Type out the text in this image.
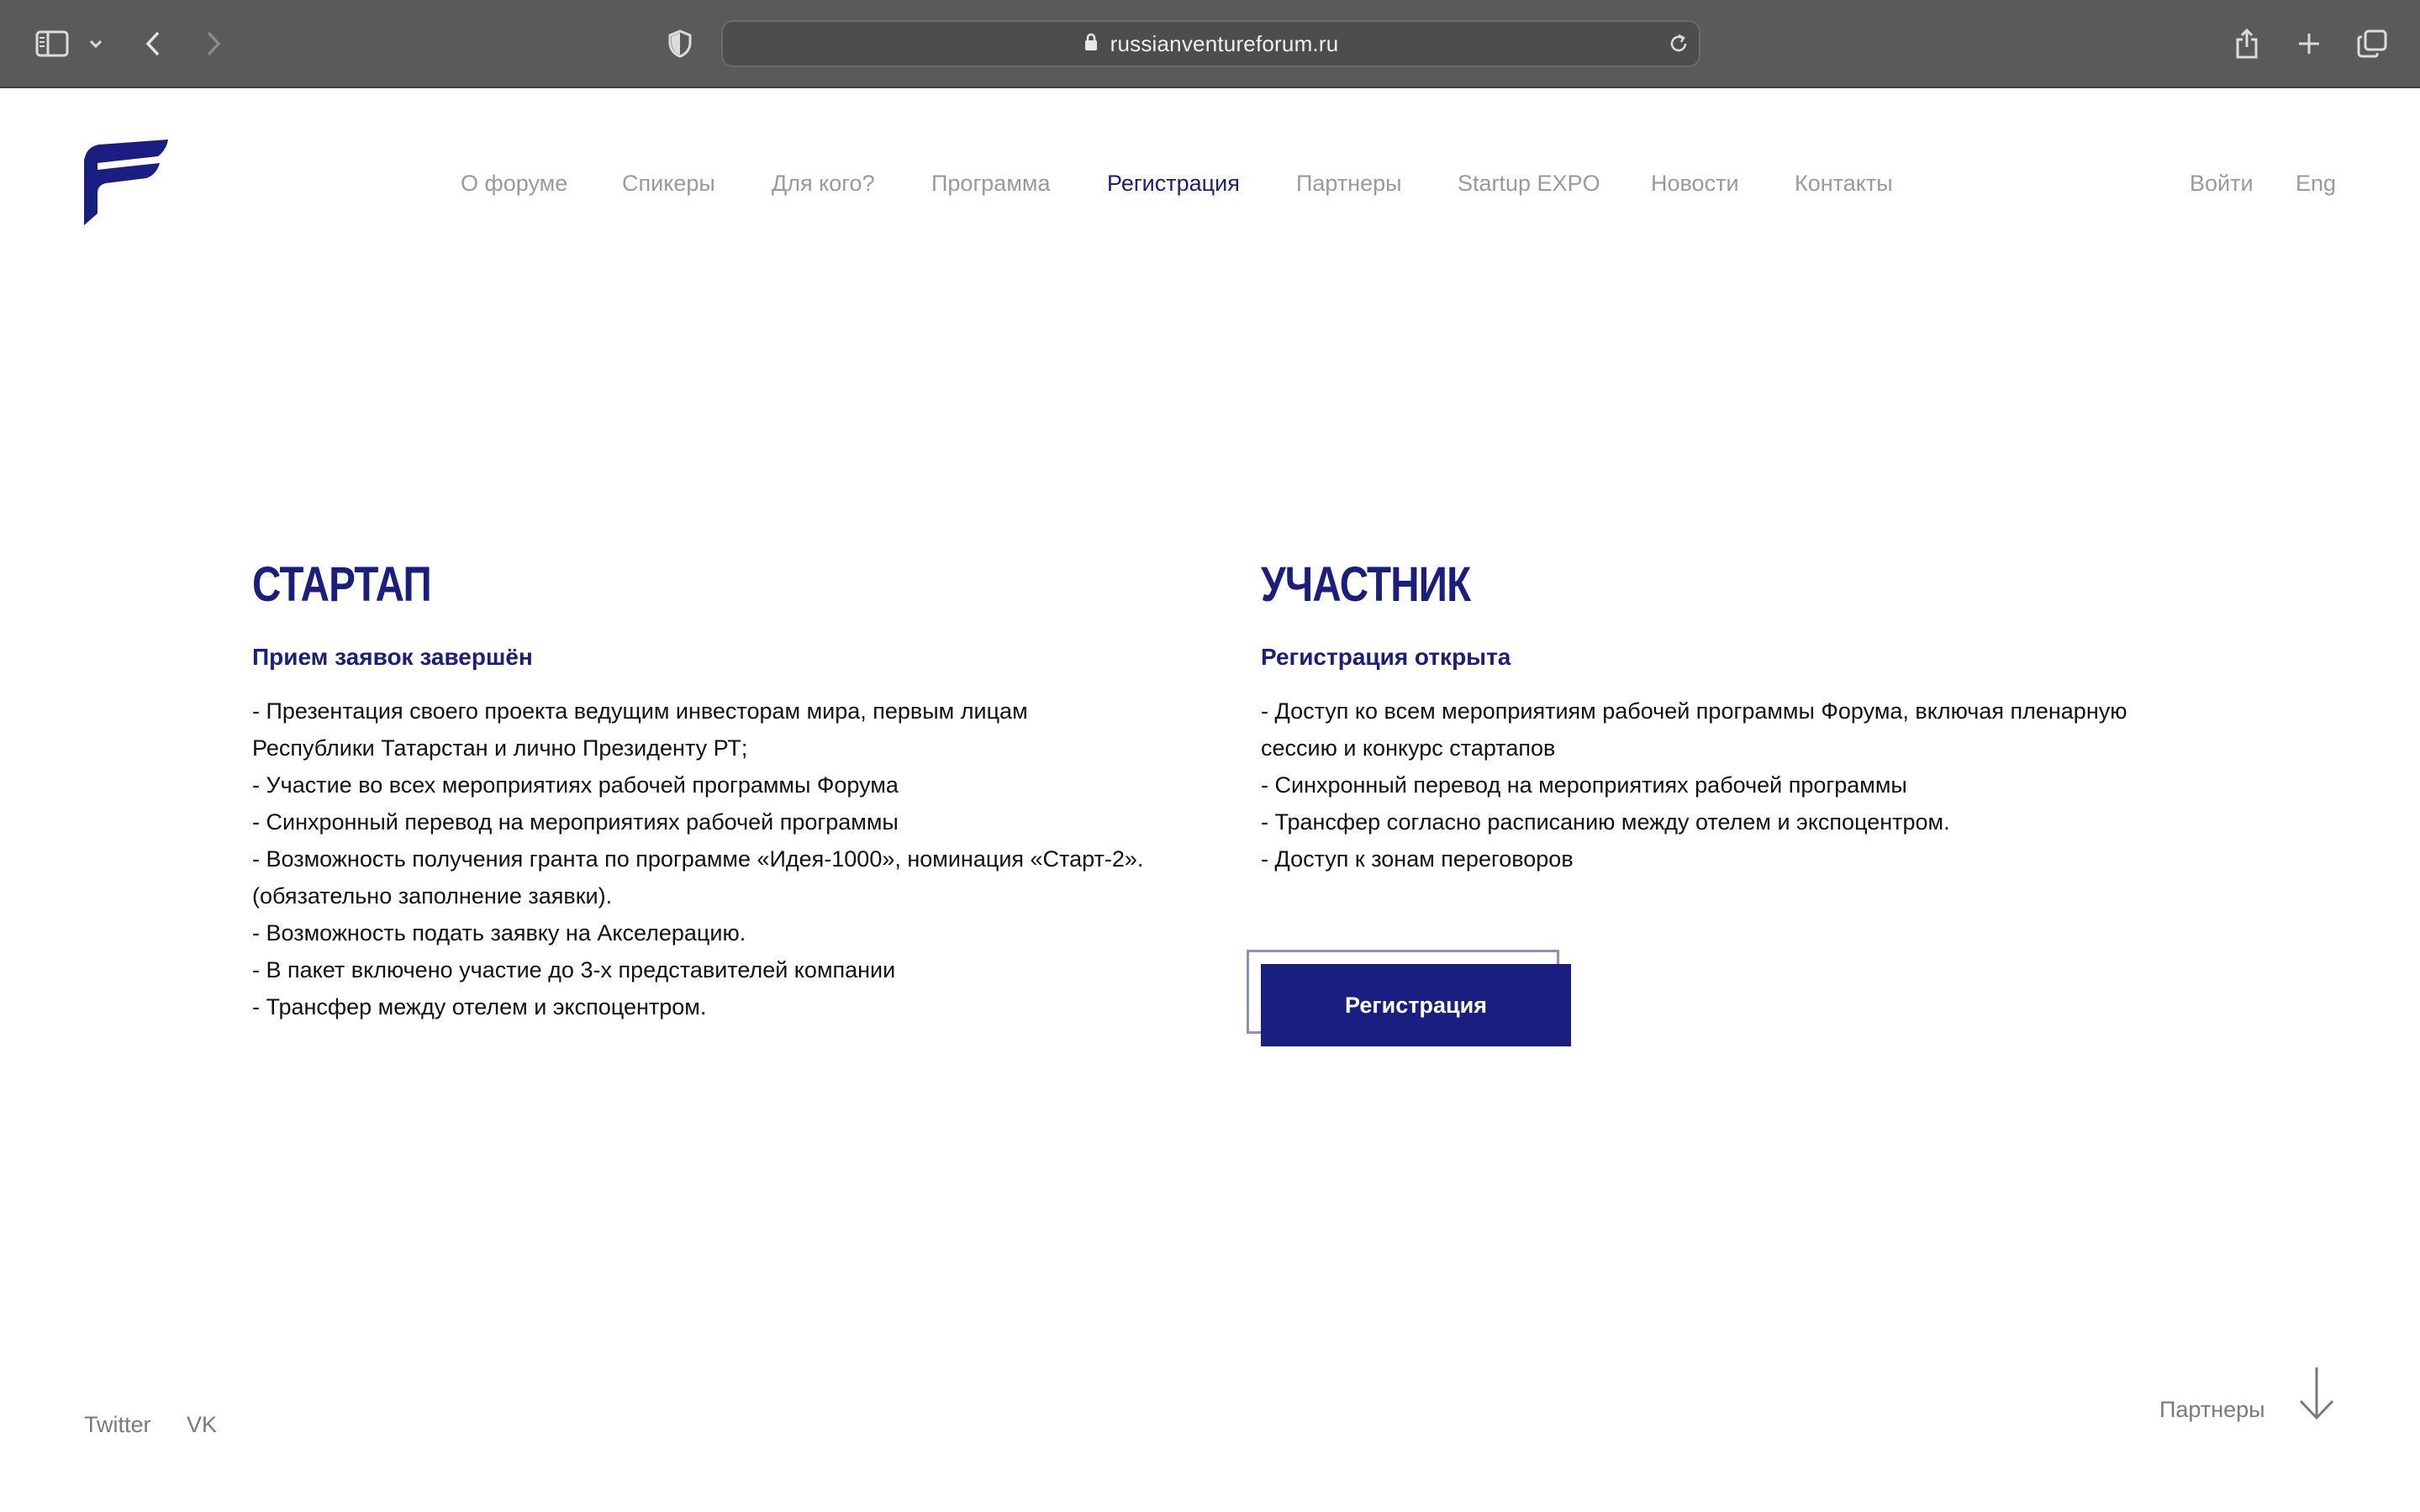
russianventureforum.ru
О форуме Спикеры Для кого? Программа	Регистрация Партнеры Startup EXPO Новости Контакты	Войти Eng
СТАРТАП
Прием заявок завершён
- Презентация своего проекта ведущим инвесторам мира, первым лицам
Республики Татарстан и лично Президенту РТ;
- Участие во всех мероприятиях рабочей программы Форума
- Синхронный перевод на мероприятиях рабочей программы
- Возможность получения гранта по программе «Идея-1000», номинация «Старт-2».
(обязательно заполнение заявки).
- Возможность подать заявку на Акселерацию.
- В пакет включено участие до 3-х представителей компании
- Трансфер между отелем и экспоцентром.
УЧАСТНИК
Регистрация открыта
- Доступ ко всем мероприятиям рабочей программы Форума, включая пленарную
сессию и конкурс стартапов
- Синхронный перевод на мероприятиях рабочей программы
- Трансфер согласно расписанию между отелем и экспоцентром.
- Доступ к зонам переговоров
Регистрация
Twitter VK
Партнеры
